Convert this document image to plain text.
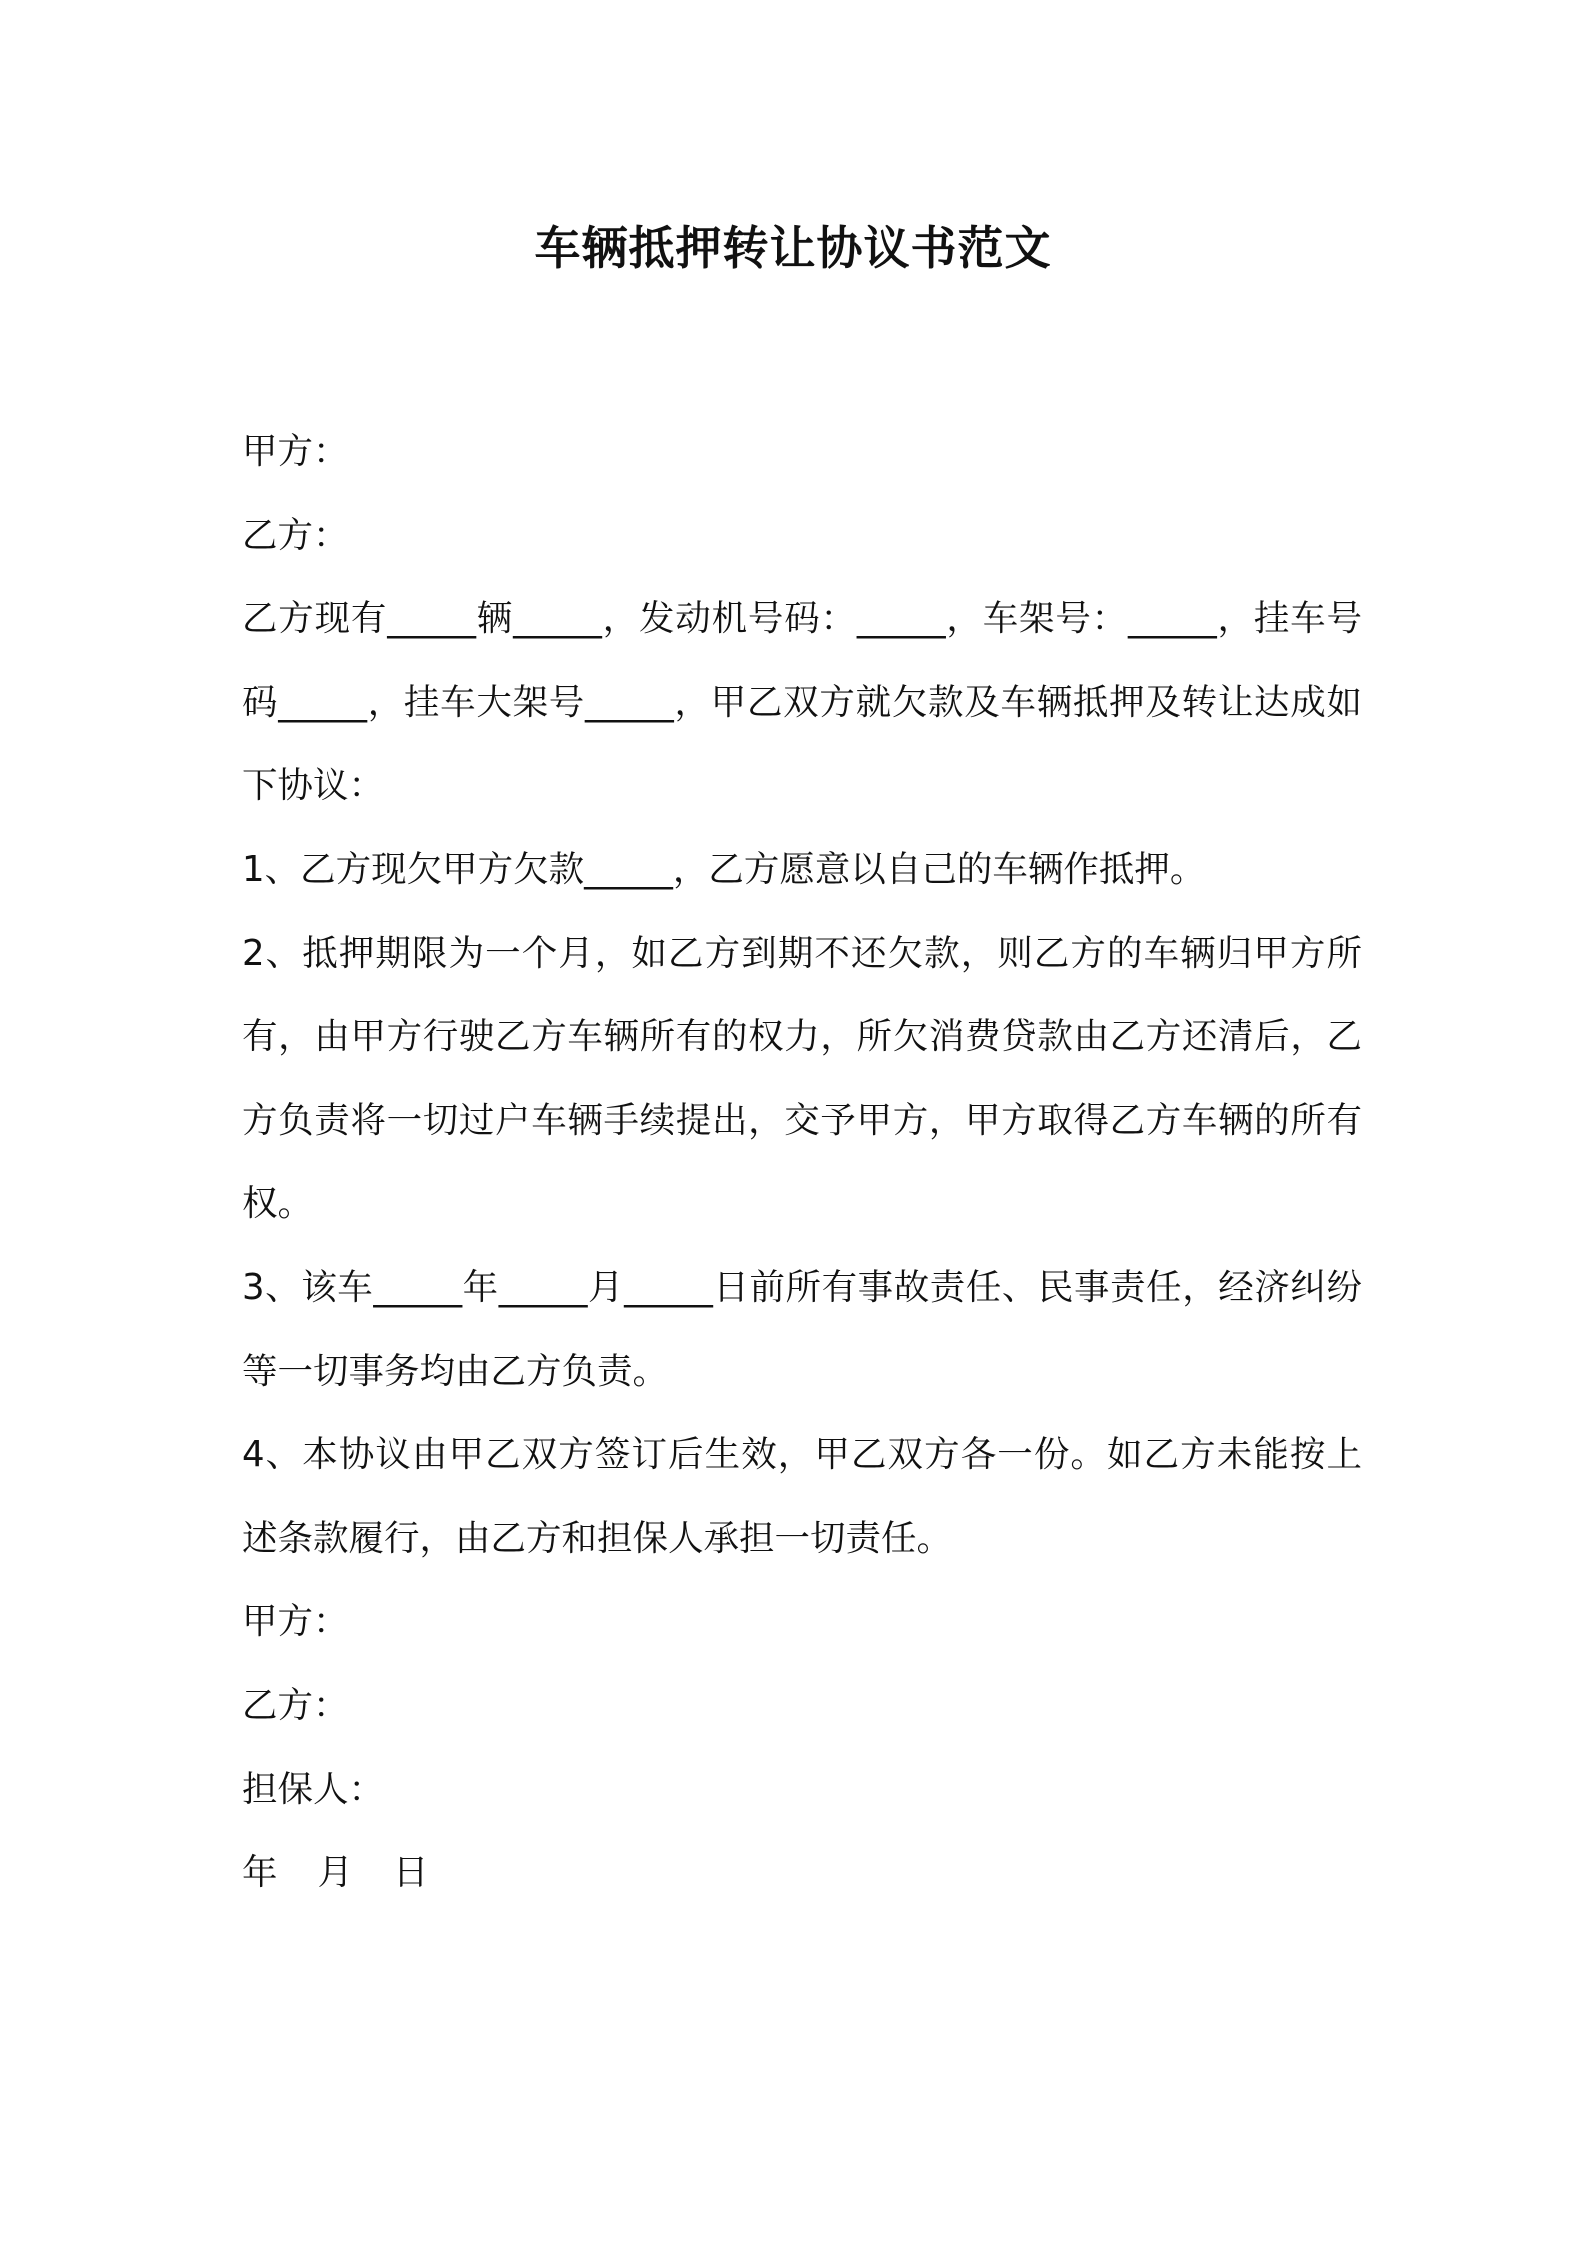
车辆抵押转让协议书范文

甲方：

乙方：

乙方现有_____辆_____，发动机号码：_____，车架号：_____，挂车号码_____，挂车大架号_____，甲乙双方就欠款及车辆抵押及转让达成如下协议：

1、乙方现欠甲方欠款_____，乙方愿意以自己的车辆作抵押。

2、抵押期限为一个月，如乙方到期不还欠款，则乙方的车辆归甲方所有，由甲方行驶乙方车辆所有的权力，所欠消费贷款由乙方还清后，乙方负责将一切过户车辆手续提出，交予甲方，甲方取得乙方车辆的所有权。

3、该车_____年_____月_____日前所有事故责任、民事责任，经济纠纷等一切事务均由乙方负责。

4、本协议由甲乙双方签订后生效，甲乙双方各一份。如乙方未能按上述条款履行，由乙方和担保人承担一切责任。

甲方：

乙方：

担保人：

年 月 日
